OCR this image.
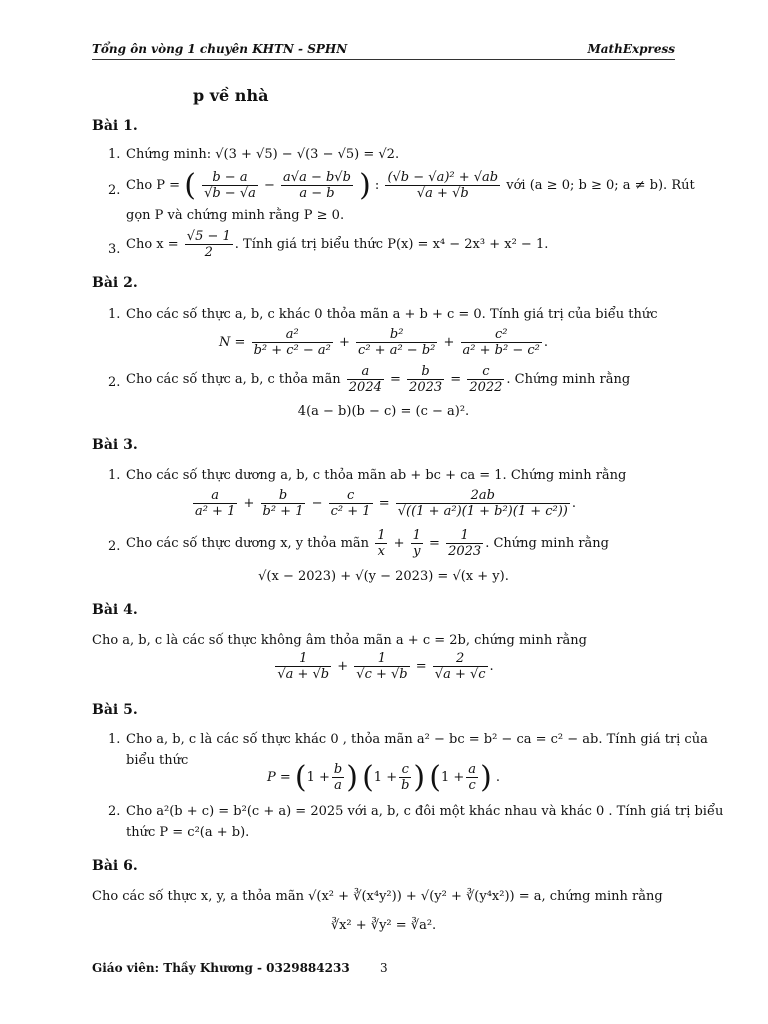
Tổng ôn vòng 1 chuyên KHTN - SPHN	MathExpress
p về nhà
Bài 1.
1. Chứng minh: √(3 + √5) − √(3 − √5) = √2.
2. Cho P = ( $\frac{b - a}{√b - √a} - \frac{a√a - b√b}{a - b}$ ) : $\frac{\text{(√b − √a)² + √ab}}{√a + √b}$ với (a ≥ 0; b ≥ 0; a ≠ b). Rút
gọn P và chứng minh rằng P ≥ 0.
3. Cho $x = \frac{√5 - 1}{2}$ . Tính giá trị biểu thức P(x) = x⁴ − 2x³ + x² − 1.
Bài 2.
1. Cho các số thực a, b, c khác 0 thỏa mãn a + b + c = 0. Tính giá trị của biểu thức
$N = \frac{\text{a²}}{\text{b² + c² − a²}} + \frac{\text{b²}}{\text{c² + a² − b²}} + \frac{\text{c²}}{\text{a² + b² − c²}}$ .
2. Cho các số thực a, b, c thỏa mãn $\frac{a}{2024} = \frac{b}{2023} = \frac{c}{2022}$ . Chứng minh rằng
4(a − b)(b − c) = (c − a)².
Bài 3.
1. Cho các số thực dương a, b, c thỏa mãn ab + bc + ca = 1. Chứng minh rằng
$\frac{a}{\text{a² + 1}} + \frac{b}{\text{b² + 1}} - \frac{c}{\text{c² + 1}} = \frac{2ab}{\text{√((1 + a²)(1 + b²)(1 + c²))}}$ .
2. Cho các số thực dương x, y thỏa mãn $\frac{1}{x} + \frac{1}{y} = \frac{1}{2023}$ . Chứng minh rằng
√(x − 2023) + √(y − 2023) = √(x + y).
Bài 4.
Cho a, b, c là các số thực không âm thỏa mãn a + c = 2b, chứng minh rằng
$\frac{1}{√a + √b} + \frac{1}{√c + √b} = \frac{2}{√a + √c}$ .
Bài 5.
1. Cho a, b, c là các số thực khác 0 , thỏa mãn a² − bc = b² − ca = c² − ab. Tính giá trị của
biểu thức
$P = (1 + \frac{b}{a}$ ) ($1 + \frac{c}{b}$ ) ($1 + \frac{a}{c}$ ) .
2. Cho a²(b + c) = b²(c + a) = 2025 với a, b, c đôi một khác nhau và khác 0 . Tính giá trị biểu
thức P = c²(a + b).
Bài 6.
Cho các số thực x, y, a thỏa mãn √(x² + ∛(x⁴y²)) + √(y² + ∛(y⁴x²)) = a, chứng minh rằng
∛x² + ∛y² = ∛a².
Giáo viên: Thầy Khương - 0329884233	3
